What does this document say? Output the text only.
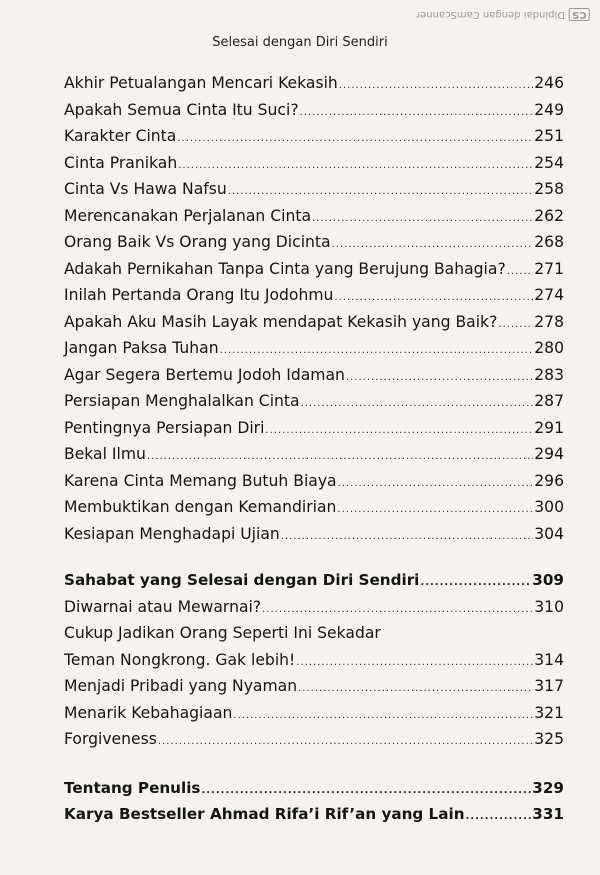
CSDipindai dengan CamScanner
Selesai dengan Diri Sendiri
Akhir Petualangan Mencari Kekasih .....	246
Apakah Semua Cinta Itu Suci? .....	249
Karakter Cinta .....	251
Cinta Pranikah .....	254
Cinta Vs Hawa Nafsu .....	258
Merencanakan Perjalanan Cinta .....	262
Orang Baik Vs Orang yang Dicinta .....	268
Adakah Pernikahan Tanpa Cinta yang Berujung Bahagia? ..... 271
Inilah Pertanda Orang Itu Jodohmu .....	274
Apakah Aku Masih Layak mendapat Kekasih yang Baik? ..... 278
Jangan Paksa Tuhan .....	280
Agar Segera Bertemu Jodoh Idaman .....	283
Persiapan Menghalalkan Cinta .....	287
Pentingnya Persiapan Diri .....	291
Bekal Ilmu .....	294
Karena Cinta Memang Butuh Biaya .....	296
Membuktikan dengan Kemandirian .....	300
Kesiapan Menghadapi Ujian .....	304
Sahabat yang Selesai dengan Diri Sendiri .....	309
Diwarnai atau Mewarnai? .....	310
Cukup Jadikan Orang Seperti Ini Sekadar
Teman Nongkrong. Gak lebih! .....	314
Menjadi Pribadi yang Nyaman .....	317
Menarik Kebahagiaan .....	321
Forgiveness .....	325
Tentang Penulis .....	329
Karya Bestseller Ahmad Rifa’i Rif’an yang Lain .....	331
